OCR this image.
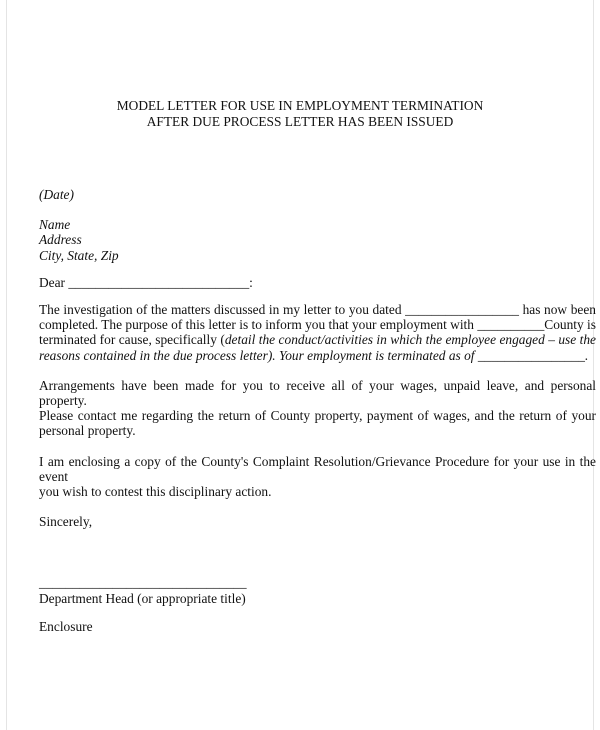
MODEL LETTER FOR USE IN EMPLOYMENT TERMINATION
AFTER DUE PROCESS LETTER HAS BEEN ISSUED
(Date)
Name
Address
City, State, Zip
Dear ___________________________:
The investigation of the matters discussed in my letter to you dated _________________ has now been
completed. The purpose of this letter is to inform you that your employment with __________County is
terminated for cause, specifically (detail the conduct/activities in which the employee engaged – use the
reasons contained in the due process letter). Your employment is terminated as of ________________.
Arrangements have been made for you to receive all of your wages, unpaid leave, and personal property.
Please contact me regarding the return of County property, payment of wages, and the return of your
personal property.
I am enclosing a copy of the County's Complaint Resolution/Grievance Procedure for your use in the event
you wish to contest this disciplinary action.
Sincerely,
_______________________________
Department Head (or appropriate title)
Enclosure
